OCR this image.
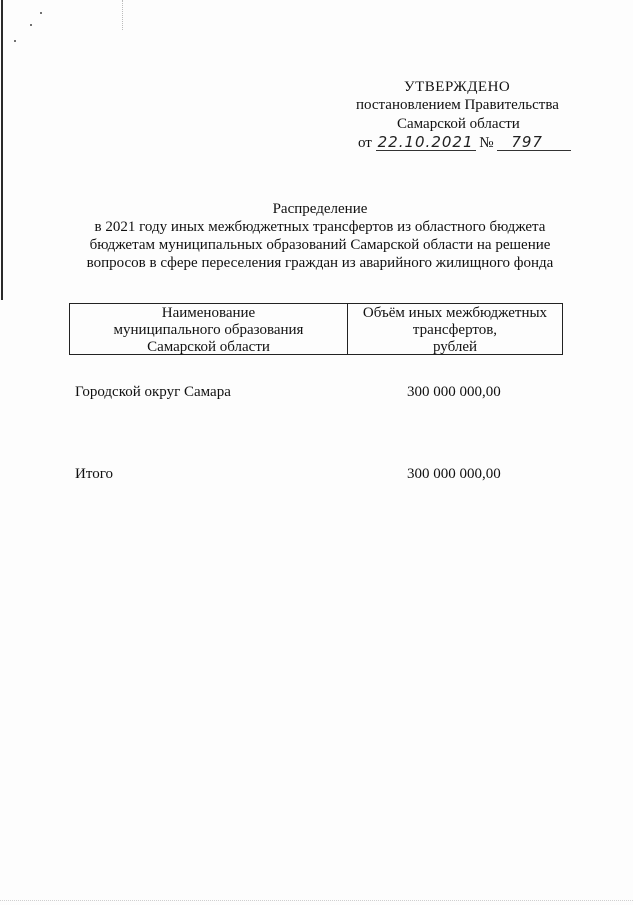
УТВЕРЖДЕНО
постановлением Правительства
Самарской области
от 22.10.2021 № 797
Распределение
в 2021 году иных межбюджетных трансфертов из областного бюджета
бюджетам муниципальных образований Самарской области на решение
вопросов в сфере переселения граждан из аварийного жилищного фонда
Наименование
муниципального образования
Самарской области
Объём иных межбюджетных
трансфертов,
рублей
Городской округ Самара	300 000 000,00
Итого	300 000 000,00
